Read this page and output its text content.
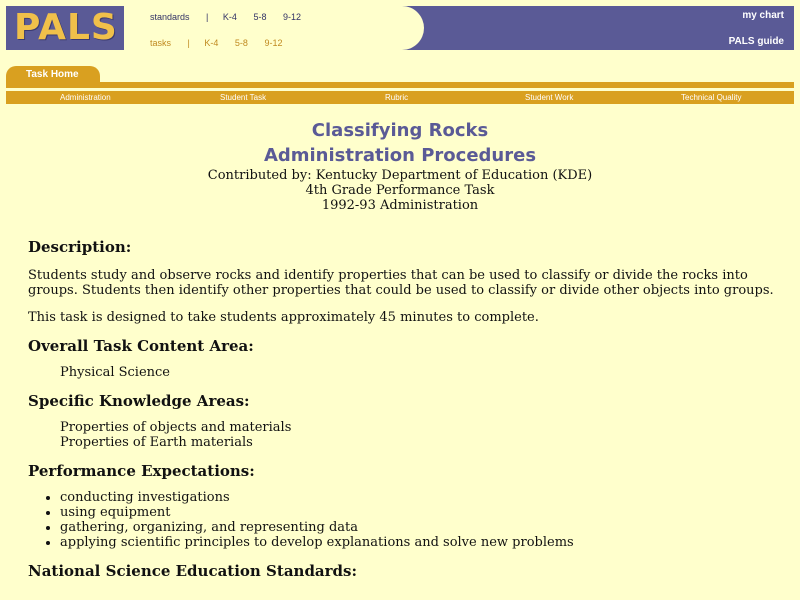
PALS	standards | K-4 5-8 9-12
tasks | K-4 5-8 9-12
my chart
PALS guide
Task Home
Administration	Student Task	Rubric	Student Work	Technical Quality
Classifying Rocks
Administration Procedures
Contributed by: Kentucky Department of Education (KDE)
4th Grade Performance Task
1992-93 Administration
Description:

Students study and observe rocks and identify properties that can be used to classify or divide the rocks into groups. Students then identify other properties that could be used to classify or divide other objects into groups.

This task is designed to take students approximately 45 minutes to complete.

Overall Task Content Area:

Physical Science

Specific Knowledge Areas:

Properties of objects and materials

Properties of Earth materials

Performance Expectations:
• conducting investigations
• using equipment
• gathering, organizing, and representing data
• applying scientific principles to develop explanations and solve new problems
National Science Education Standards:
